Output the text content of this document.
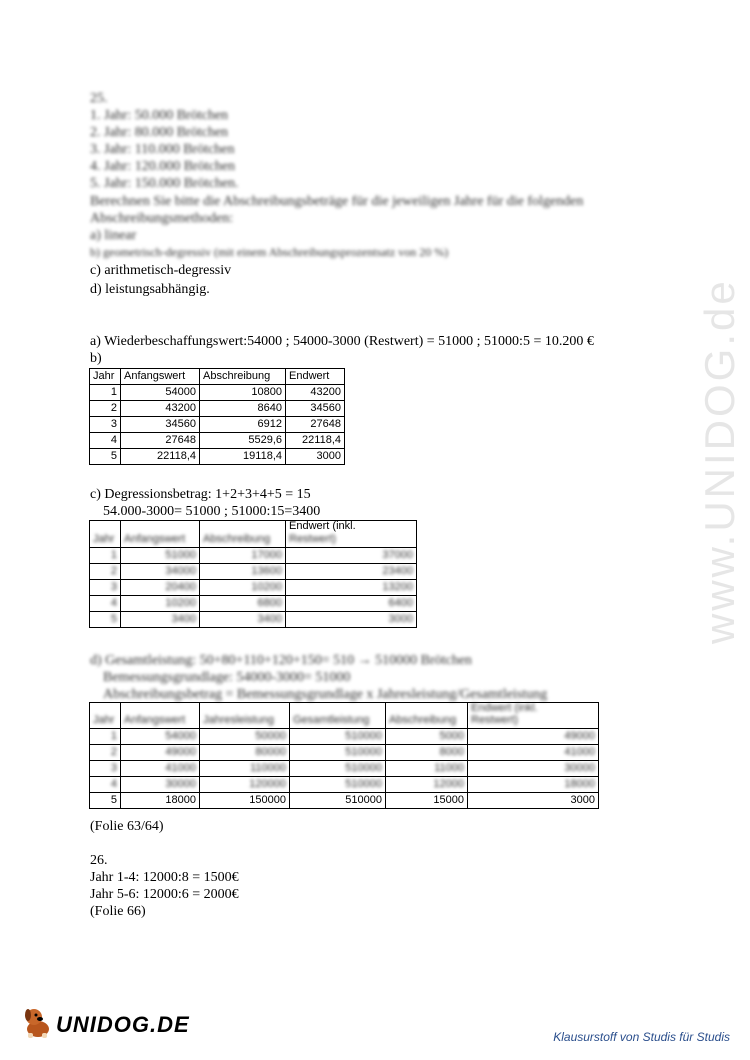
www.UNIDOG.de
25.
1. Jahr: 50.000 Brötchen
2. Jahr: 80.000 Brötchen
3. Jahr: 110.000 Brötchen
4. Jahr: 120.000 Brötchen
5. Jahr: 150.000 Brötchen.
Berechnen Sie bitte die Abschreibungsbeträge für die jeweiligen Jahre für die folgenden
Abschreibungsmethoden:
a) linear
b) geometrisch-degressiv (mit einem Abschreibungsprozentsatz von 20 %)
c) arithmetisch-degressiv
d) leistungsabhängig.
a) Wiederbeschaffungswert:54000 ; 54000-3000 (Restwert) = 51000 ; 51000:5 = 10.200 €
b)
Jahr	Anfangswert	Abschreibung	Endwert
1	54000	10800	43200
2	43200	8640	34560
3	34560	6912	27648
4	27648	5529,6	22118,4
5	22118,4	19118,4	3000
c) Degressionsbetrag: 1+2+3+4+5 = 15
54.000-3000= 51000 ; 51000:15=3400
			Endwert (inkl.
Jahr	Anfangswert	Abschreibung	Restwert)
1	51000	17000	37000
2	34000	13600	23400
3	20400	10200	13200
4	10200	6800	6400
5	3400	3400	3000
d) Gesamtleistung: 50+80+110+120+150= 510 → 510000 Brötchen
Bemessungsgrundlage: 54000-3000= 51000
Abschreibungsbetrag = Bemessungsgrundlage x Jahresleistung/Gesamtleistung
					Endwert (inkl.
Jahr	Anfangswert	Jahresleistung	Gesamtleistung	Abschreibung	Restwert)
1	54000	50000	510000	5000	49000
2	49000	80000	510000	8000	41000
3	41000	110000	510000	11000	30000
4	30000	120000	510000	12000	18000
5	18000	150000	510000	15000	3000
(Folie 63/64)
26.
Jahr 1-4: 12000:8 = 1500€
Jahr 5-6: 12000:6 = 2000€
(Folie 66)
UNIDOG.DE	Klausurstoff von Studis für Studis
